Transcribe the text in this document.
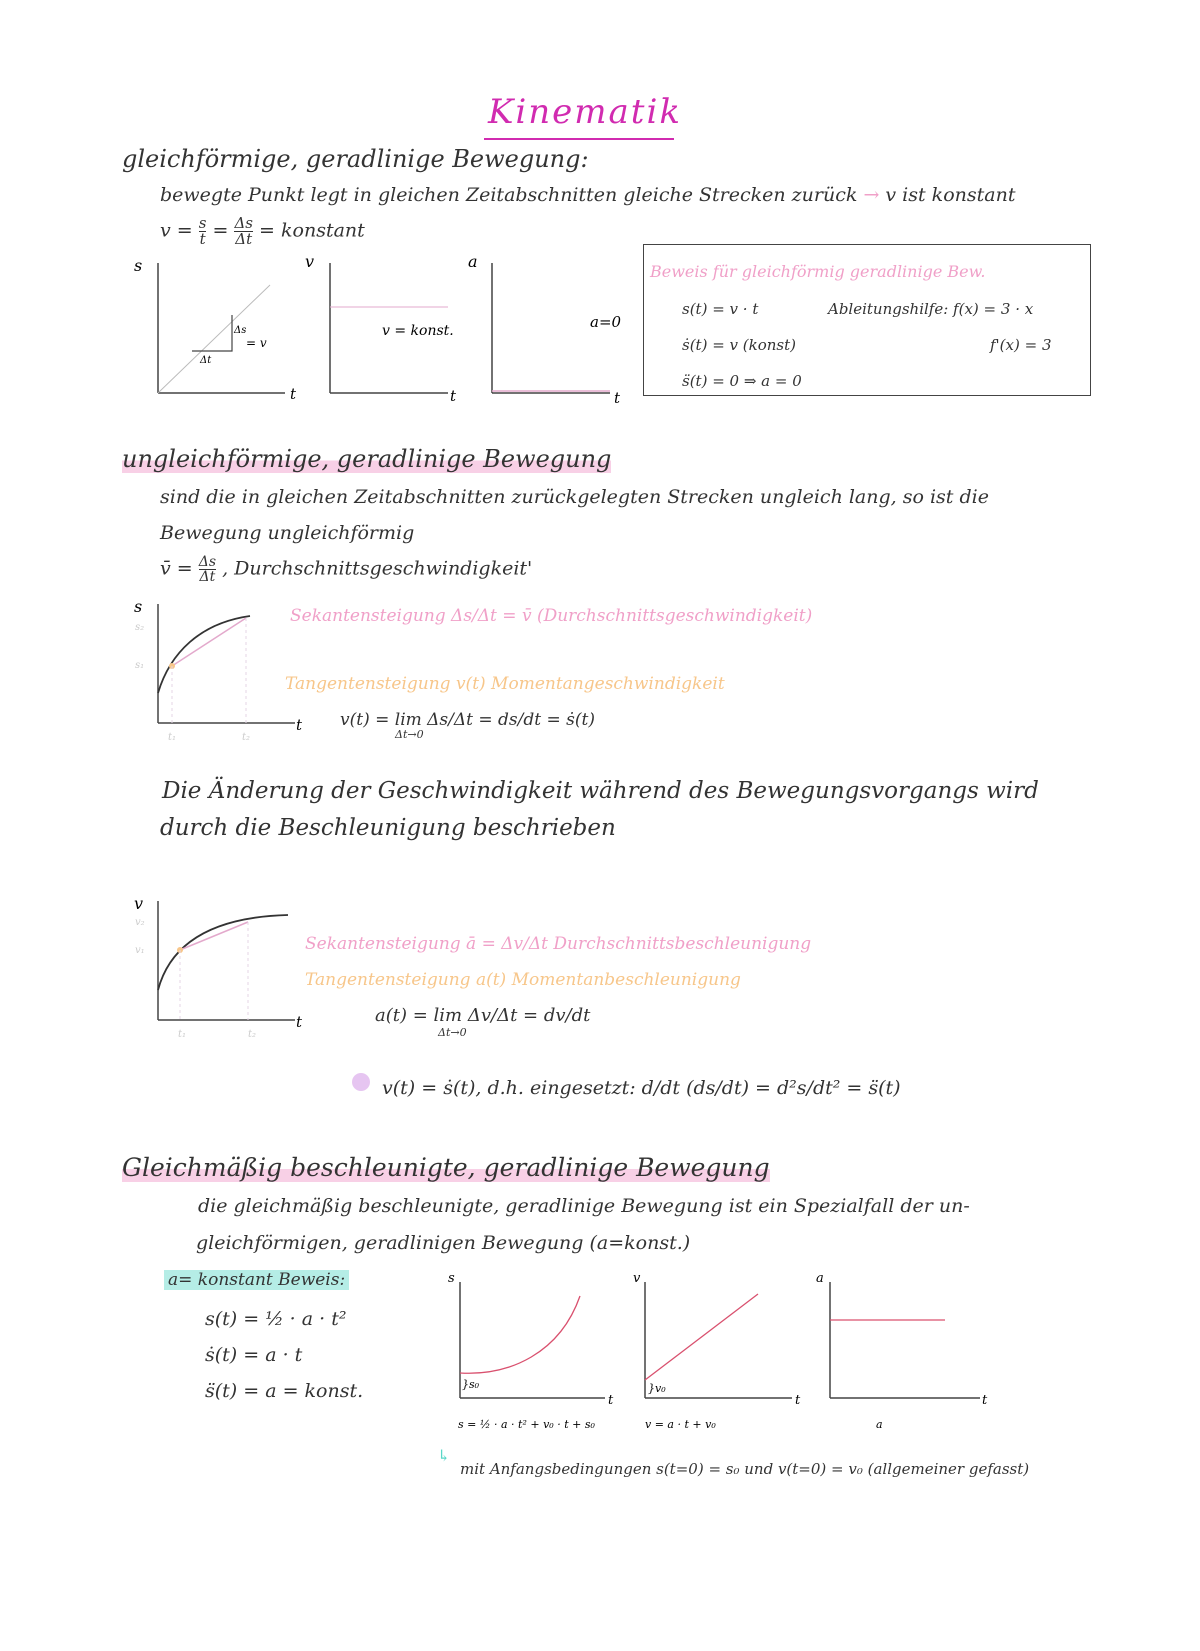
Kinematik
gleichförmige, geradlinige Bewegung:
bewegte Punkt legt in gleichen Zeitabschnitten gleiche Strecken zurück → v ist konstant
$v = \frac{s}{t} = \frac{\Delta s}{\Delta t}$ = konstant
s
t
Δs
Δt
= v
v
t
v = konst.
a
t
a=0
Beweis für gleichförmig geradlinige Bew.
s(t) = v · t	Ableitungshilfe: f(x) = 3 · x
ṡ(t) = v (konst)	f'(x) = 3
s̈(t) = 0 ⇒ a = 0
ungleichförmige, geradlinige Bewegung
sind die in gleichen Zeitabschnitten zurückgelegten Strecken ungleich lang, so ist die
Bewegung ungleichförmig
v̄ = $\frac{\Delta s}{\Delta t}$ , Durchschnittsgeschwindigkeit'
s
t
s₂
s₁
t₁	t₂
Sekantensteigung Δs/Δt = v̄ (Durchschnittsgeschwindigkeit)
Tangentensteigung v(t) Momentangeschwindigkeit
v(t) = lim Δs/Δt = ds/dt = ṡ(t)
Δt→0
Die Änderung der Geschwindigkeit während des Bewegungsvorgangs wird
durch die Beschleunigung beschrieben
v
t
v₂
v₁
t₁	t₂
Sekantensteigung ā = Δv/Δt Durchschnittsbeschleunigung
Tangentensteigung a(t) Momentanbeschleunigung
a(t) = lim Δv/Δt = dv/dt
Δt→0
v(t) = ṡ(t), d.h. eingesetzt: d/dt (ds/dt) = d²s/dt² = s̈(t)
Gleichmäßig beschleunigte, geradlinige Bewegung
die gleichmäßig beschleunigte, geradlinige Bewegung ist ein Spezialfall der un-
gleichförmigen, geradlinigen Bewegung (a=konst.)
a= konstant Beweis:
s(t) = ½ · a · t²
ṡ(t) = a · t
s̈(t) = a = konst.
s
t
}s₀
s = ½ · a · t² + v₀ · t + s₀
v
t
}v₀
v = a · t + v₀
a
t
a
↳
mit Anfangsbedingungen s(t=0) = s₀ und v(t=0) = v₀ (allgemeiner gefasst)
